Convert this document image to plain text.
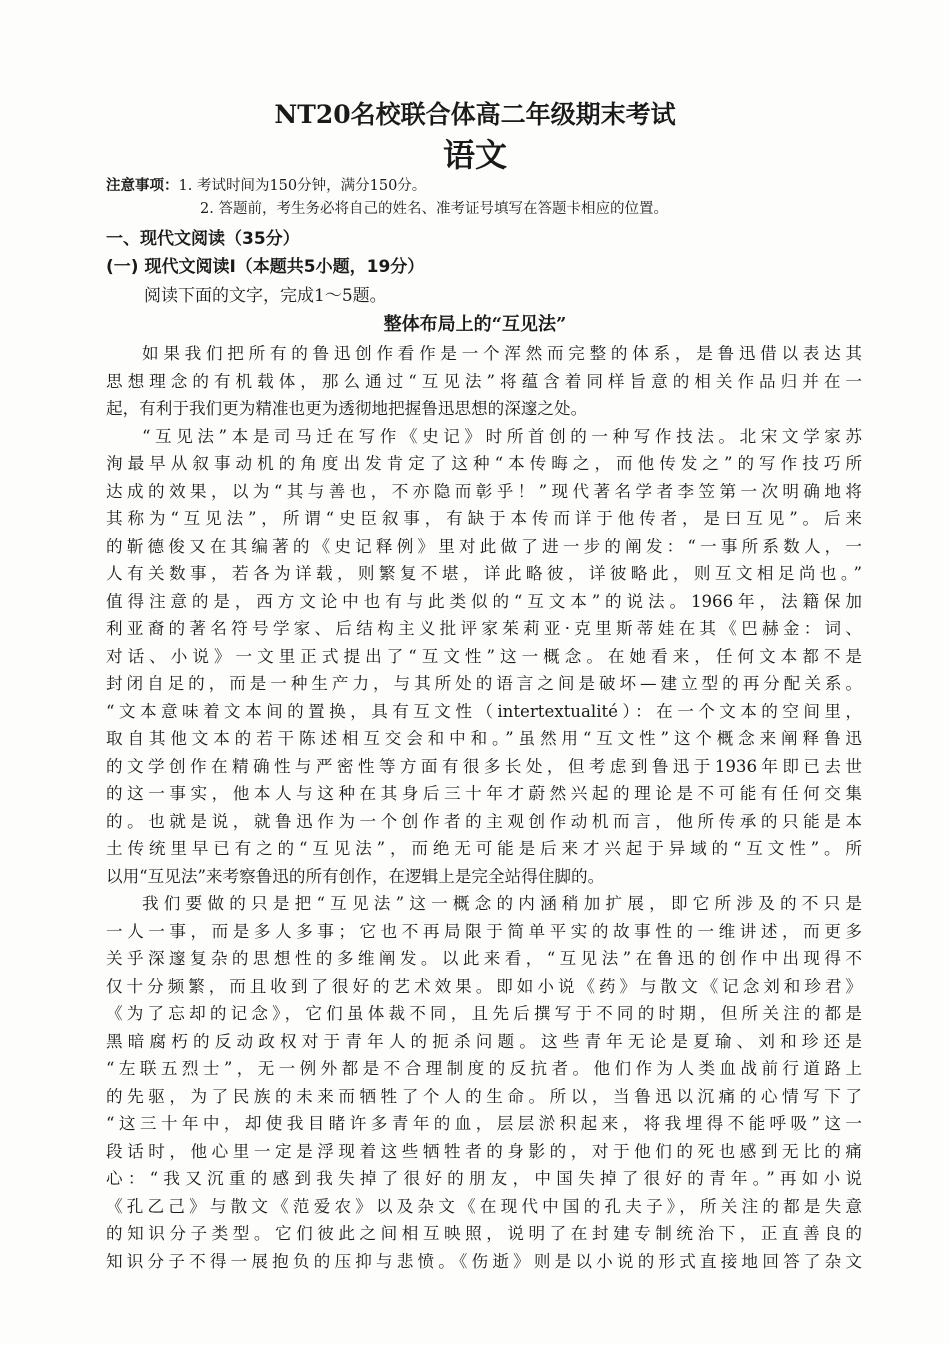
NT20名校联合体高二年级期末考试
语文
注意事项：1. 考试时间为150分钟，满分150分。
2. 答题前，考生务必将自己的姓名、准考证号填写在答题卡相应的位置。
一、现代文阅读（35分）
(一) 现代文阅读Ⅰ（本题共5小题，19分）
阅读下面的文字，完成1～5题。
整体布局上的“互见法”
如果我们把所有的鲁迅创作看作是一个浑然而完整的体系，是鲁迅借以表达其
思想理念的有机载体，那么通过“互见法”将蕴含着同样旨意的相关作品归并在一
起，有利于我们更为精准也更为透彻地把握鲁迅思想的深邃之处。
“互见法”本是司马迁在写作《史记》时所首创的一种写作技法。北宋文学家苏
洵最早从叙事动机的角度出发肯定了这种“本传晦之，而他传发之”的写作技巧所
达成的效果，以为“其与善也，不亦隐而彰乎！”现代著名学者李笠第一次明确地将
其称为“互见法”，所谓“史臣叙事，有缺于本传而详于他传者，是曰互见”。后来
的靳德俊又在其编著的《史记释例》里对此做了进一步的阐发：“一事所系数人，一
人有关数事，若各为详载，则繁复不堪，详此略彼，详彼略此，则互文相足尚也。”
值得注意的是，西方文论中也有与此类似的“互文本”的说法。1966年，法籍保加
利亚裔的著名符号学家、后结构主义批评家茱莉亚·克里斯蒂娃在其《巴赫金：词、
对话、小说》一文里正式提出了“互文性”这一概念。在她看来，任何文本都不是
封闭自足的，而是一种生产力，与其所处的语言之间是破坏—建立型的再分配关系。
“文本意味着文本间的置换，具有互文性（intertextualité）：在一个文本的空间里，
取自其他文本的若干陈述相互交会和中和。”虽然用“互文性”这个概念来阐释鲁迅
的文学创作在精确性与严密性等方面有很多长处，但考虑到鲁迅于1936年即已去世
的这一事实，他本人与这种在其身后三十年才蔚然兴起的理论是不可能有任何交集
的。也就是说，就鲁迅作为一个创作者的主观创作动机而言，他所传承的只能是本
土传统里早已有之的“互见法”，而绝无可能是后来才兴起于异域的“互文性”。所
以用“互见法”来考察鲁迅的所有创作，在逻辑上是完全站得住脚的。
我们要做的只是把“互见法”这一概念的内涵稍加扩展，即它所涉及的不只是
一人一事，而是多人多事；它也不再局限于简单平实的故事性的一维讲述，而更多
关乎深邃复杂的思想性的多维阐发。以此来看，“互见法”在鲁迅的创作中出现得不
仅十分频繁，而且收到了很好的艺术效果。即如小说《药》与散文《记念刘和珍君》
《为了忘却的记念》，它们虽体裁不同，且先后撰写于不同的时期，但所关注的都是
黑暗腐朽的反动政权对于青年人的扼杀问题。这些青年无论是夏瑜、刘和珍还是
“左联五烈士”，无一例外都是不合理制度的反抗者。他们作为人类血战前行道路上
的先驱，为了民族的未来而牺牲了个人的生命。所以，当鲁迅以沉痛的心情写下了
“这三十年中，却使我目睹许多青年的血，层层淤积起来，将我埋得不能呼吸”这一
段话时，他心里一定是浮现着这些牺牲者的身影的，对于他们的死也感到无比的痛
心：“我又沉重的感到我失掉了很好的朋友，中国失掉了很好的青年。”再如小说
《孔乙己》与散文《范爱农》以及杂文《在现代中国的孔夫子》，所关注的都是失意
的知识分子类型。它们彼此之间相互映照，说明了在封建专制统治下，正直善良的
知识分子不得一展抱负的压抑与悲愤。《伤逝》则是以小说的形式直接地回答了杂文
